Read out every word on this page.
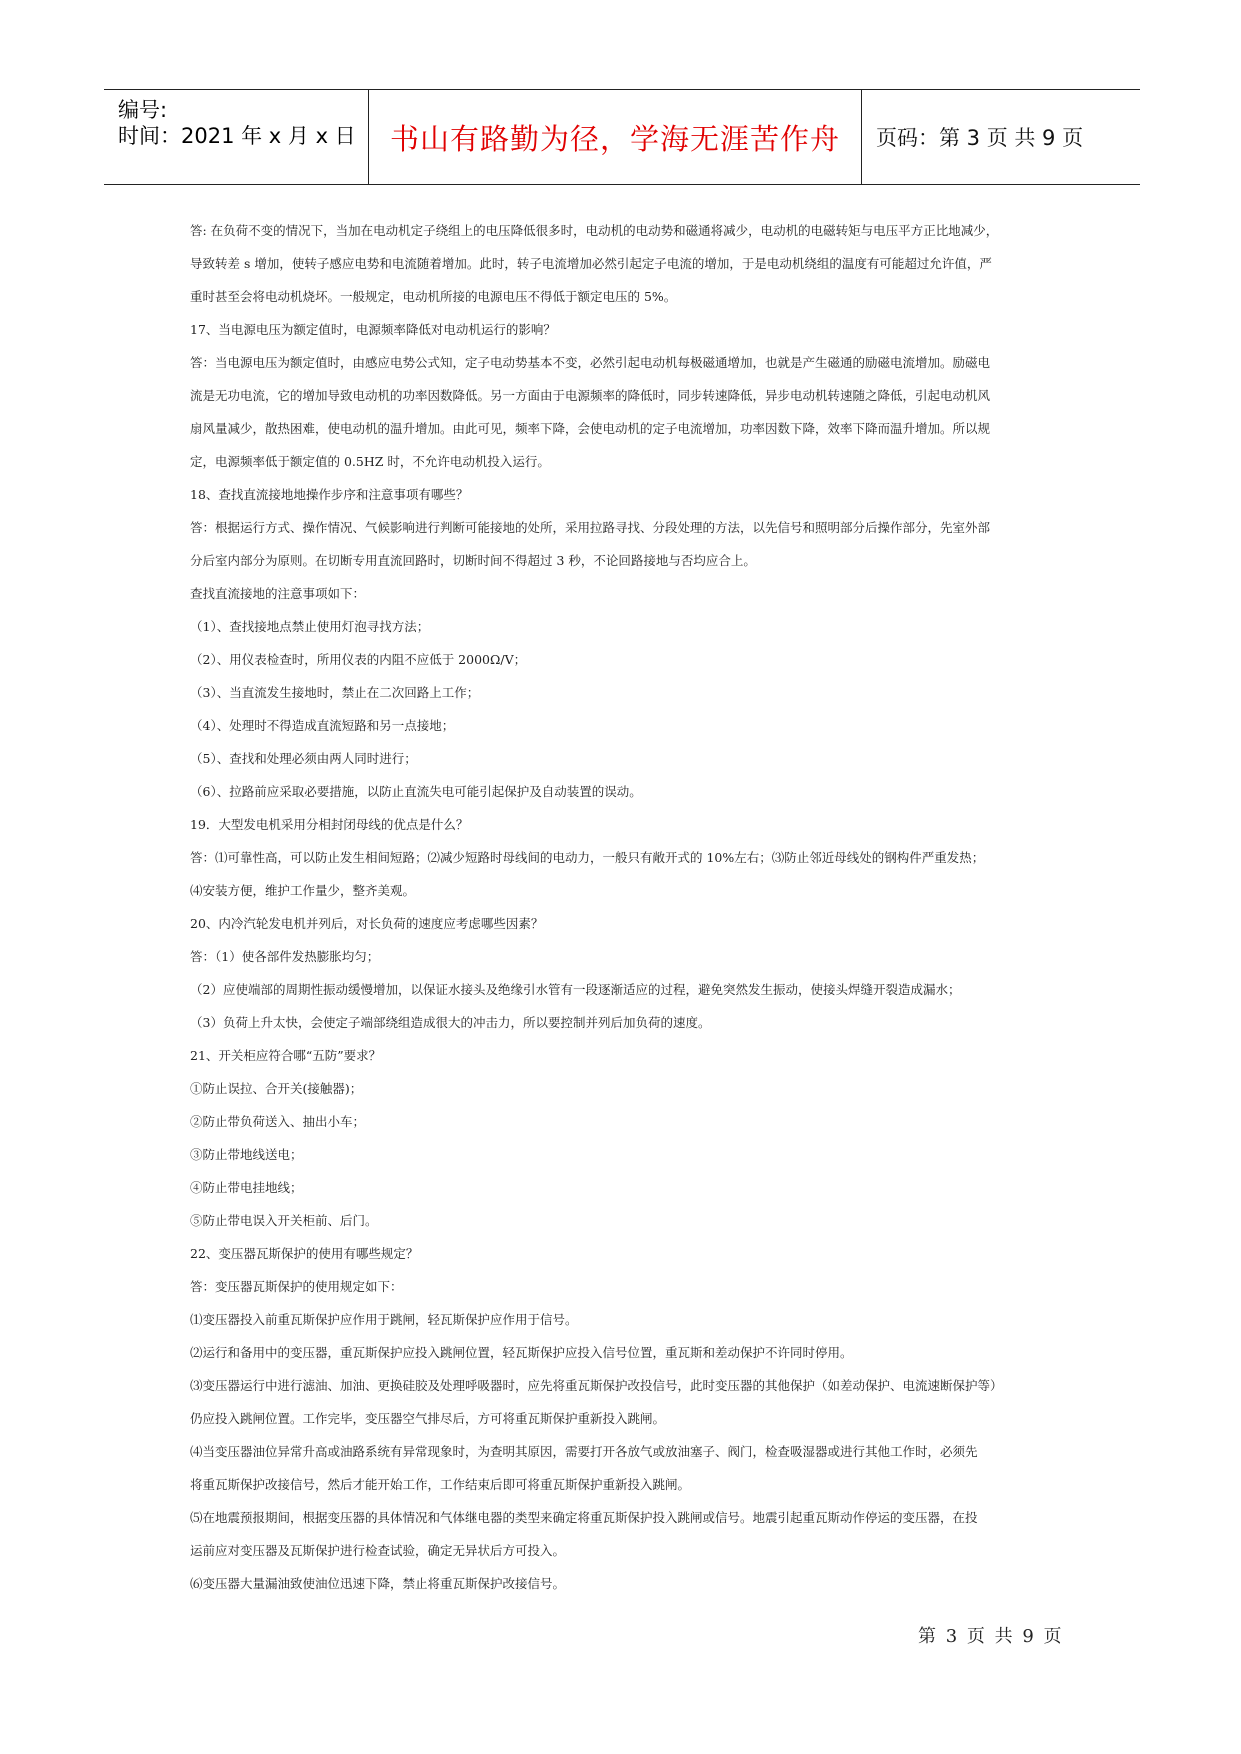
编号:
时间：2021 年 x 月 x 日 书山有路勤为径，学海无涯苦作舟 页码：第 3 页 共 9 页
答: 在负荷不变的情况下，当加在电动机定子绕组上的电压降低很多时，电动机的电动势和磁通将减少，电动机的电磁转矩与电压平方正比地减少，
导致转差 s 增加，使转子感应电势和电流随着增加。此时，转子电流增加必然引起定子电流的增加，于是电动机绕组的温度有可能超过允许值，严
重时甚至会将电动机烧坏。一般规定，电动机所接的电源电压不得低于额定电压的 5%。
17、当电源电压为额定值时，电源频率降低对电动机运行的影响？
答：当电源电压为额定值时，由感应电势公式知，定子电动势基本不变，必然引起电动机每极磁通增加，也就是产生磁通的励磁电流增加。励磁电
流是无功电流，它的增加导致电动机的功率因数降低。另一方面由于电源频率的降低时，同步转速降低，异步电动机转速随之降低，引起电动机风
扇风量减少，散热困难，使电动机的温升增加。由此可见，频率下降，会使电动机的定子电流增加，功率因数下降，效率下降而温升增加。所以规
定，电源频率低于额定值的 0.5HZ 时，不允许电动机投入运行。
18、查找直流接地地操作步序和注意事项有哪些？
答：根据运行方式、操作情况、气候影响进行判断可能接地的处所，采用拉路寻找、分段处理的方法，以先信号和照明部分后操作部分，先室外部
分后室内部分为原则。在切断专用直流回路时，切断时间不得超过 3 秒，不论回路接地与否均应合上。
查找直流接地的注意事项如下：
（1）、查找接地点禁止使用灯泡寻找方法；
（2）、用仪表检查时，所用仪表的内阻不应低于 2000Ω/V；
（3）、当直流发生接地时，禁止在二次回路上工作；
（4）、处理时不得造成直流短路和另一点接地；
（5）、查找和处理必须由两人同时进行；
（6）、拉路前应采取必要措施，以防止直流失电可能引起保护及自动装置的误动。
19．大型发电机采用分相封闭母线的优点是什么？
答：⑴可靠性高，可以防止发生相间短路；⑵减少短路时母线间的电动力，一般只有敞开式的 10%左右；⑶防止邻近母线处的钢构件严重发热；
⑷安装方便，维护工作量少，整齐美观。
20、内冷汽轮发电机并列后，对长负荷的速度应考虑哪些因素？
答：（1）使各部件发热膨胀均匀；
（2）应使端部的周期性振动缓慢增加，以保证水接头及绝缘引水管有一段逐渐适应的过程，避免突然发生振动，使接头焊缝开裂造成漏水；
（3）负荷上升太快，会使定子端部绕组造成很大的冲击力，所以要控制并列后加负荷的速度。
21、开关柜应符合哪“五防”要求？
①防止误拉、合开关(接触器)；
②防止带负荷送入、抽出小车；
③防止带地线送电；
④防止带电挂地线；
⑤防止带电误入开关柜前、后门。
22、变压器瓦斯保护的使用有哪些规定？
答：变压器瓦斯保护的使用规定如下：
⑴变压器投入前重瓦斯保护应作用于跳闸，轻瓦斯保护应作用于信号。
⑵运行和备用中的变压器，重瓦斯保护应投入跳闸位置，轻瓦斯保护应投入信号位置，重瓦斯和差动保护不许同时停用。
⑶变压器运行中进行滤油、加油、更换硅胶及处理呼吸器时，应先将重瓦斯保护改投信号，此时变压器的其他保护（如差动保护、电流速断保护等）
仍应投入跳闸位置。工作完毕，变压器空气排尽后，方可将重瓦斯保护重新投入跳闸。
⑷当变压器油位异常升高或油路系统有异常现象时，为查明其原因，需要打开各放气或放油塞子、阀门，检查吸湿器或进行其他工作时，必须先
将重瓦斯保护改接信号，然后才能开始工作，工作结束后即可将重瓦斯保护重新投入跳闸。
⑸在地震预报期间，根据变压器的具体情况和气体继电器的类型来确定将重瓦斯保护投入跳闸或信号。地震引起重瓦斯动作停运的变压器，在投
运前应对变压器及瓦斯保护进行检查试验，确定无异状后方可投入。
⑹变压器大量漏油致使油位迅速下降，禁止将重瓦斯保护改接信号。
第 3 页 共 9 页
